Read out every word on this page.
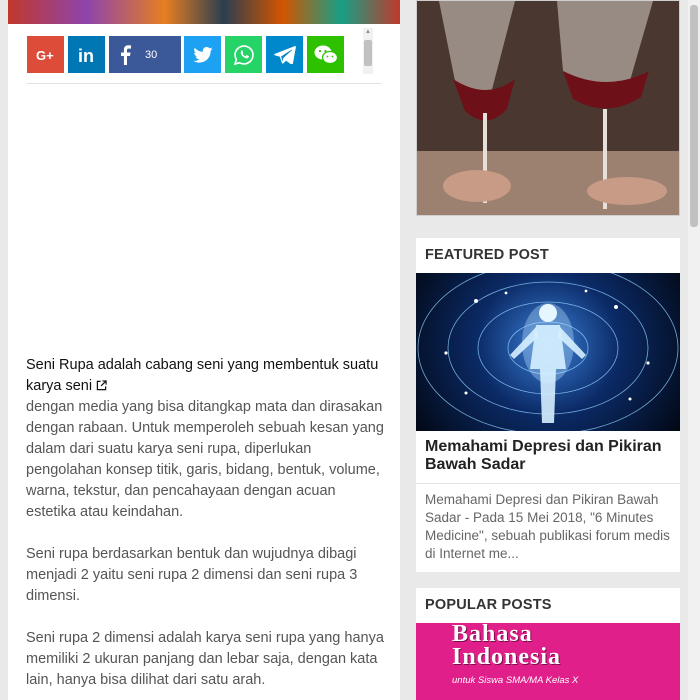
G+ in	30
▲
Seni Rupa adalah cabang seni yang membentuk suatu karya seni

dengan media yang bisa ditangkap mata dan dirasakan dengan rabaan. Untuk memperoleh sebuah kesan yang dalam dari suatu karya seni rupa, diperlukan pengolahan konsep titik, garis, bidang, bentuk, volume, warna, tekstur, dan pencahayaan dengan acuan estetika atau keindahan.

Seni rupa berdasarkan bentuk dan wujudnya dibagi menjadi 2 yaitu seni rupa 2 dimensi dan seni rupa 3 dimensi.

Seni rupa 2 dimensi adalah karya seni rupa yang hanya memiliki 2 ukuran panjang dan lebar saja, dengan kata lain, hanya bisa dilihat dari satu arah.

FEATURED POST
Memahami Depresi dan Pikiran Bawah Sadar
Memahami Depresi dan Pikiran Bawah Sadar - Pada 15 Mei 2018, "6 Minutes Medicine", sebuah publikasi forum medis di Internet me...
POPULAR POSTS
Bahasa
Indonesia
untuk Siswa SMA/MA Kelas X
